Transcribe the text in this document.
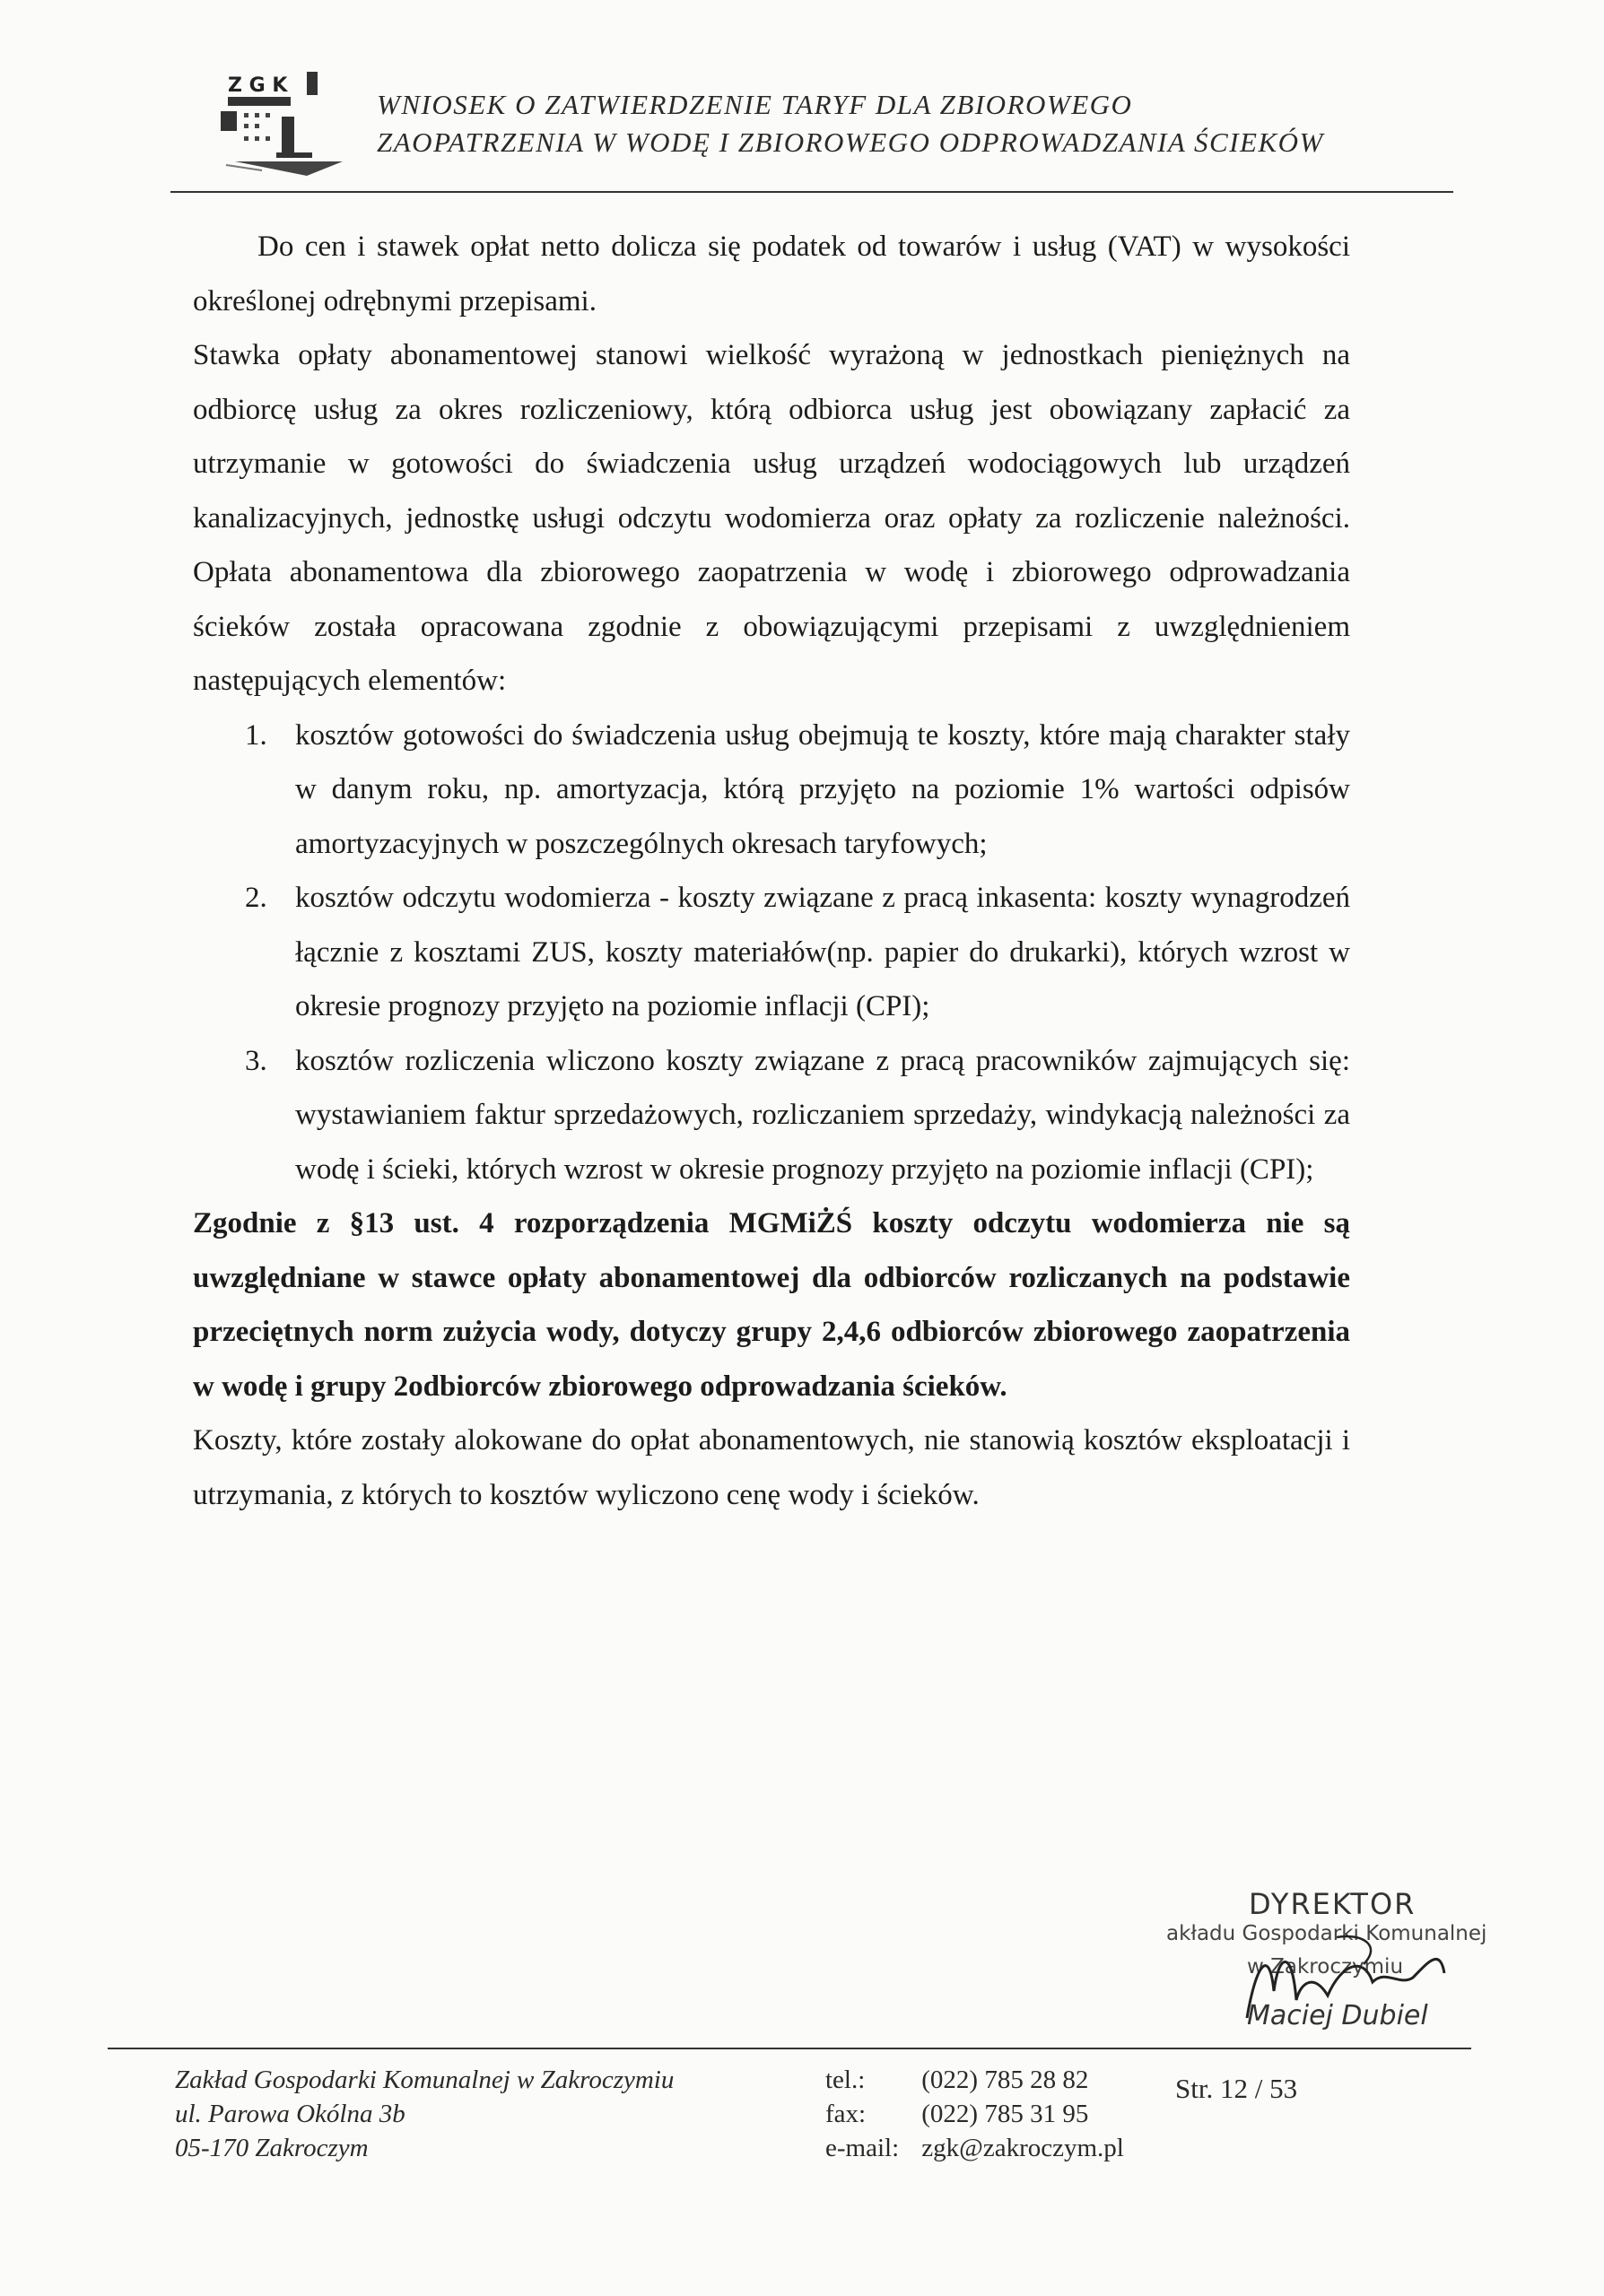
Z G K
ZGK Zakroczym
WNIOSEK O ZATWIERDZENIE TARYF DLA ZBIOROWEGO
ZAOPATRZENIA W WODĘ I ZBIOROWEGO ODPROWADZANIA ŚCIEKÓW

Do cen i stawek opłat netto dolicza się podatek od towarów i usług (VAT) w wysokości określonej odrębnymi przepisami.

Stawka opłaty abonamentowej stanowi wielkość wyrażoną w jednostkach pieniężnych na odbiorcę usług za okres rozliczeniowy, którą odbiorca usług jest obowiązany zapłacić za utrzymanie w gotowości do świadczenia usług urządzeń wodociągowych lub urządzeń kanalizacyjnych, jednostkę usługi odczytu wodomierza oraz opłaty za rozliczenie należności. Opłata abonamentowa dla zbiorowego zaopatrzenia w wodę i zbiorowego odprowadzania ścieków została opracowana zgodnie z obowiązującymi przepisami z uwzględnieniem następujących elementów:

1. kosztów gotowości do świadczenia usług obejmują te koszty, które mają charakter stały w danym roku, np. amortyzacja, którą przyjęto na poziomie 1% wartości odpisów amortyzacyjnych w poszczególnych okresach taryfowych;
2. kosztów odczytu wodomierza - koszty związane z pracą inkasenta: koszty wynagrodzeń łącznie z kosztami ZUS, koszty materiałów(np. papier do drukarki), których wzrost w okresie prognozy przyjęto na poziomie inflacji (CPI);
3. kosztów rozliczenia wliczono koszty związane z pracą pracowników zajmujących się: wystawianiem faktur sprzedażowych, rozliczaniem sprzedaży, windykacją należności za wodę i ścieki, których wzrost w okresie prognozy przyjęto na poziomie inflacji (CPI);

Zgodnie z §13 ust. 4 rozporządzenia MGMiŻŚ koszty odczytu wodomierza nie są uwzględniane w stawce opłaty abonamentowej dla odbiorców rozliczanych na podstawie przeciętnych norm zużycia wody, dotyczy grupy 2,4,6 odbiorców zbiorowego zaopatrzenia w wodę i grupy 2odbiorców zbiorowego odprowadzania ścieków.

Koszty, które zostały alokowane do opłat abonamentowych, nie stanowią kosztów eksploatacji i utrzymania, z których to kosztów wyliczono cenę wody i ścieków.

DYREKTOR
akładu Gospodarki Komunalnej
w Zakroczymiu
Maciej Dubiel
Zakład Gospodarki Komunalnej w Zakroczymiu
ul. Parowa Okólna 3b
05-170 Zakroczym
tel.: (022) 785 28 82
fax: (022) 785 31 95
e-mail: zgk@zakroczym.pl
Str. 12 / 53
